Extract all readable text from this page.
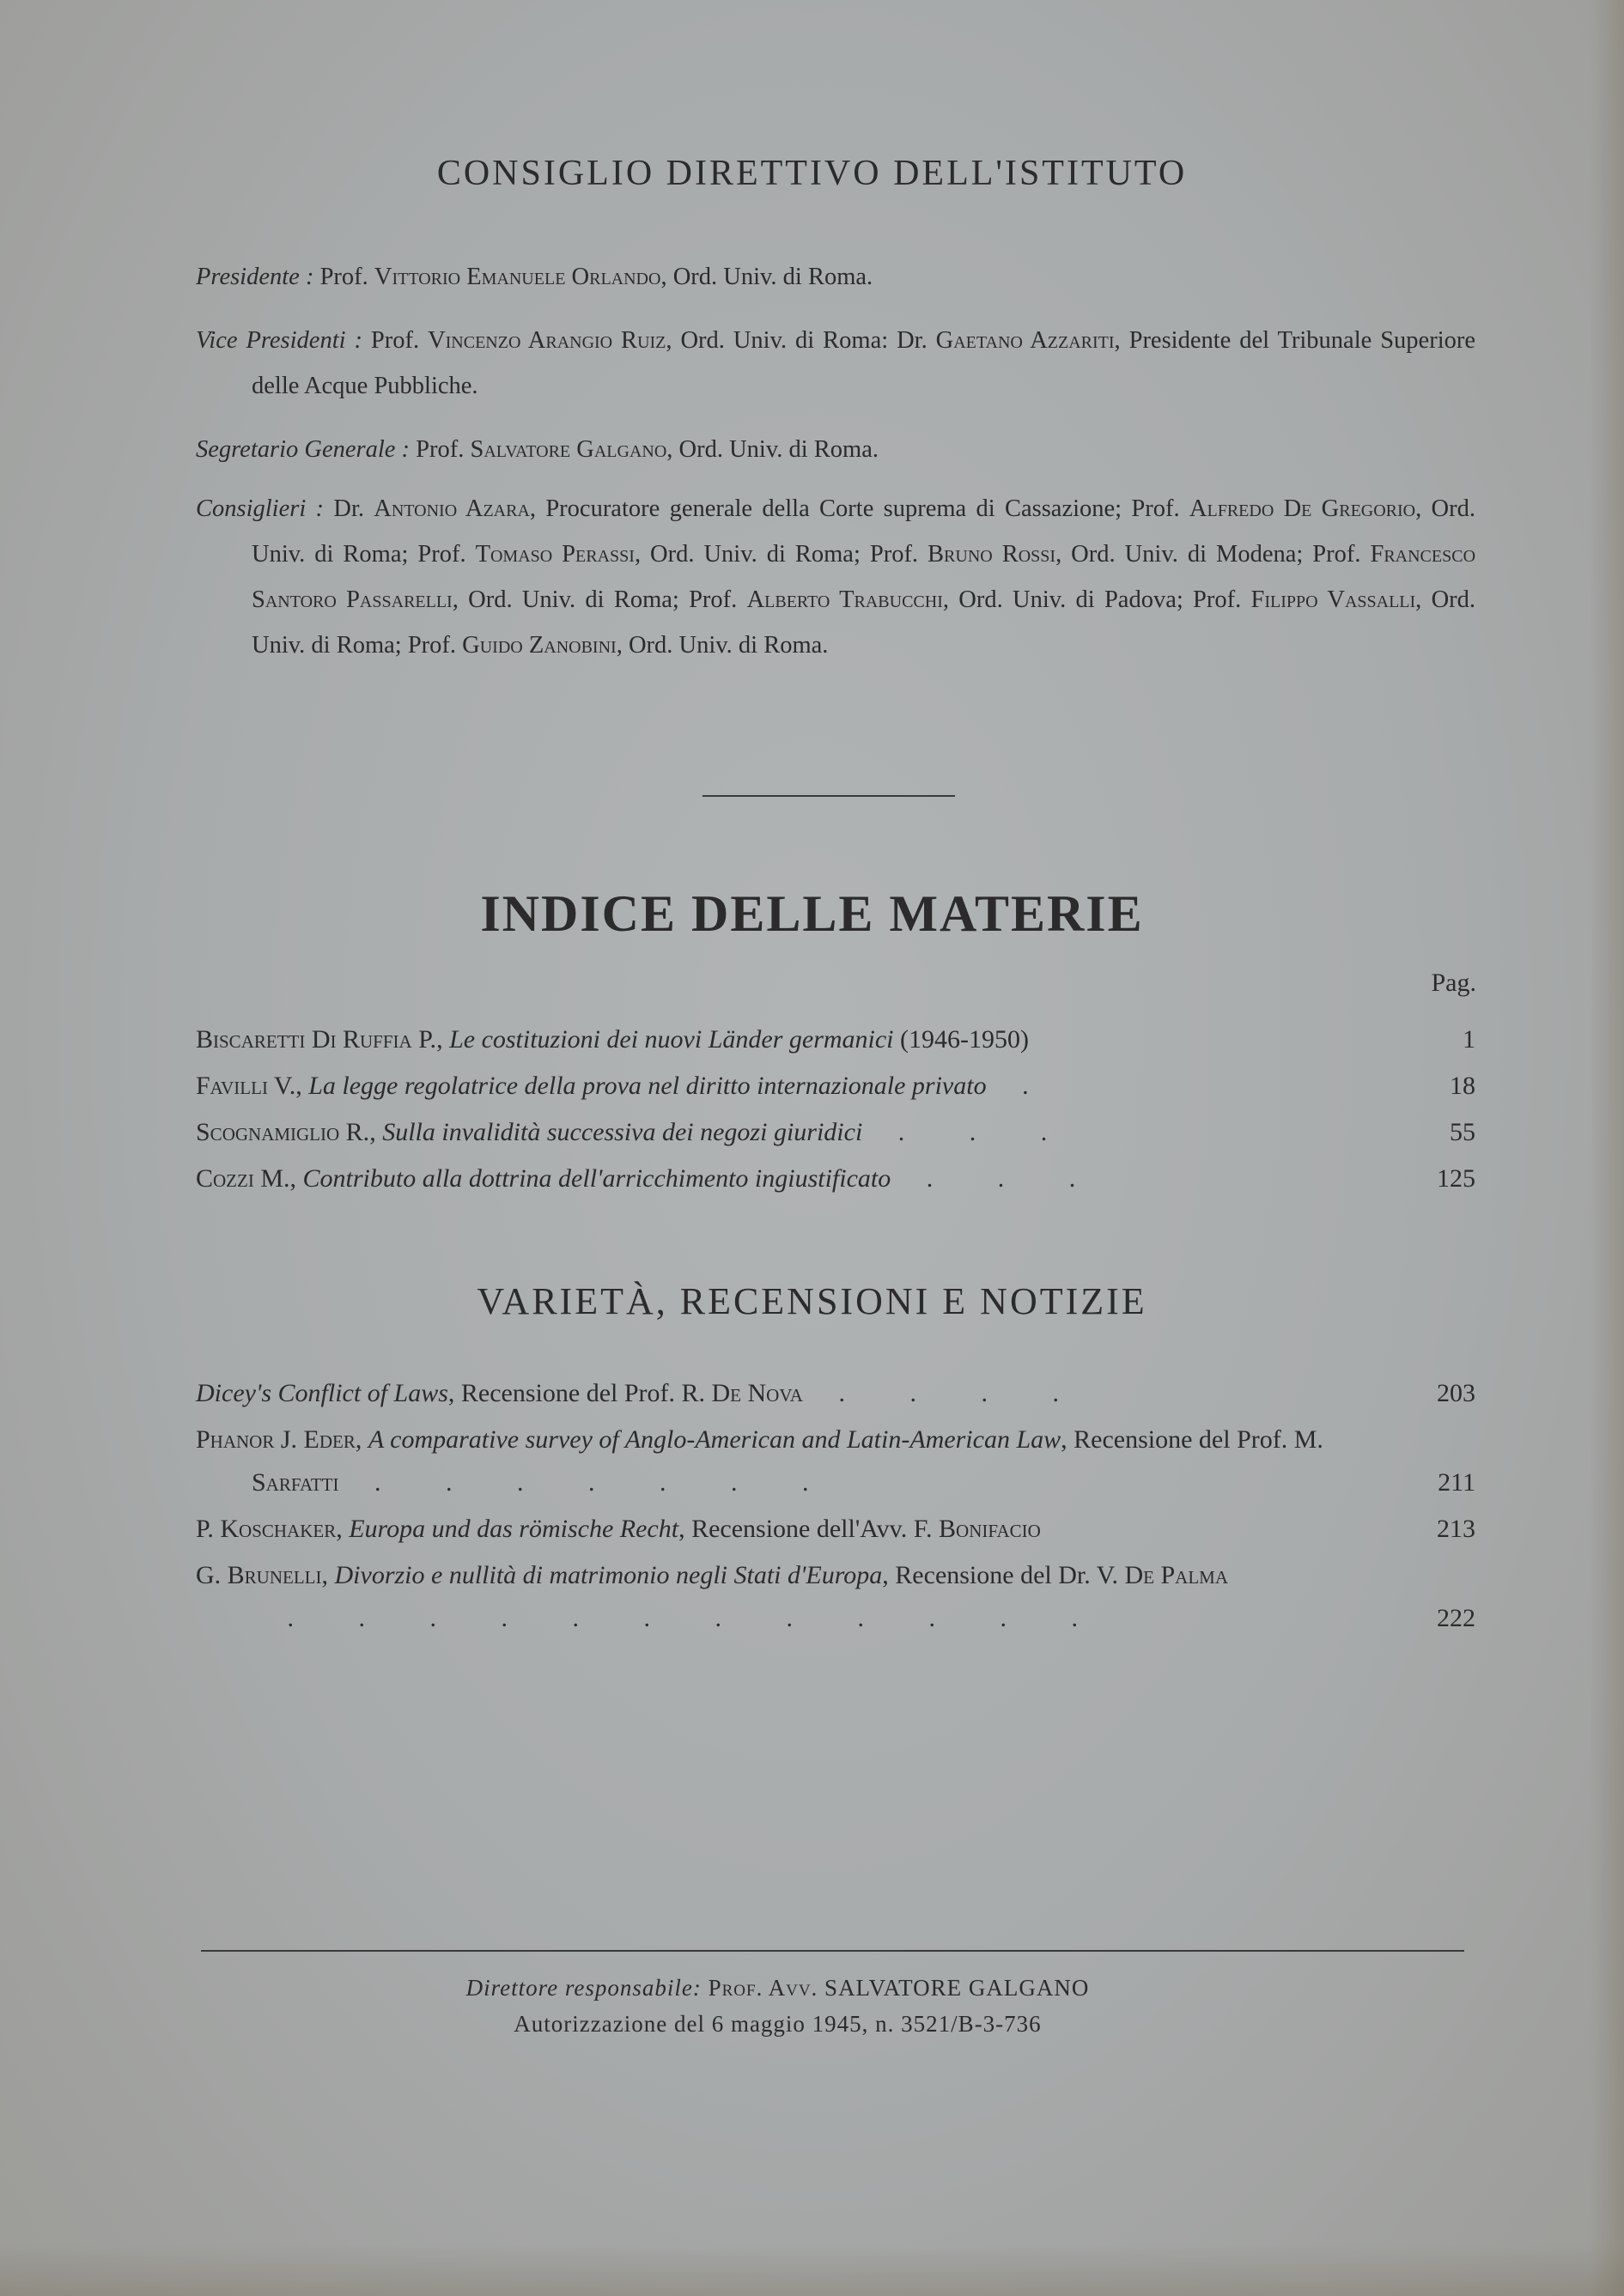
CONSIGLIO DIRETTIVO DELL'ISTITUTO
Presidente : Prof. Vittorio Emanuele Orlando, Ord. Univ. di Roma.
Vice Presidenti : Prof. Vincenzo Arangio Ruiz, Ord. Univ. di Roma: Dr. Gaetano Azzariti, Presidente del Tribunale Superiore delle Acque Pubbliche.
Segretario Generale : Prof. Salvatore Galgano, Ord. Univ. di Roma.
Consiglieri : Dr. Antonio Azara, Procuratore generale della Corte suprema di Cassazione; Prof. Alfredo De Gregorio, Ord. Univ. di Roma; Prof. Tomaso Perassi, Ord. Univ. di Roma; Prof. Bruno Rossi, Ord. Univ. di Modena; Prof. Francesco Santoro Passarelli, Ord. Univ. di Roma; Prof. Alberto Trabucchi, Ord. Univ. di Padova; Prof. Filippo Vassalli, Ord. Univ. di Roma; Prof. Guido Zanobini, Ord. Univ. di Roma.
INDICE DELLE MATERIE
Pag.
Biscaretti Di Ruffia P., Le costituzioni dei nuovi Länder germanici (1946-1950)	1
Favilli V., La legge regolatrice della prova nel diritto internazionale privato .	18
Scognamiglio R., Sulla invalidità successiva dei negozi giuridici . . .	55
Cozzi M., Contributo alla dottrina dell'arricchimento ingiustificato . . .	125
VARIETÀ, RECENSIONI E NOTIZIE
Dicey's Conflict of Laws, Recensione del Prof. R. De Nova . . . .	203
Phanor J. Eder, A comparative survey of Anglo-American and Latin-American Law, Recensione del Prof. M. Sarfatti . . . . . . .	211
P. Koschaker, Europa und das römische Recht, Recensione dell'Avv. F. Bonifacio	213
G. Brunelli, Divorzio e nullità di matrimonio negli Stati d'Europa, Recensione del Dr. V. De Palma . . . . . . . . . . . .	222
Direttore responsabile: Prof. Avv. SALVATORE GALGANO
Autorizzazione del 6 maggio 1945, n. 3521/B-3-736
